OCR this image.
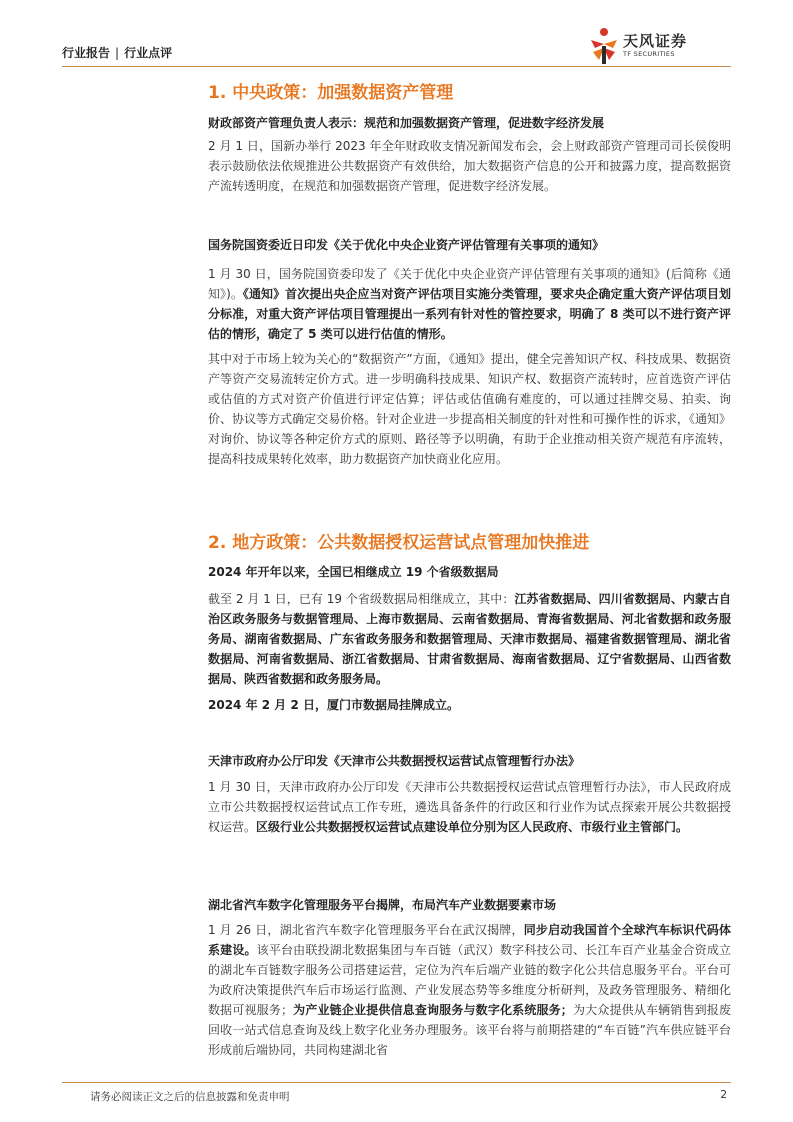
行业报告 | 行业点评
天风证券
TF SECURITIES
1. 中央政策：加强数据资产管理
财政部资产管理负责人表示：规范和加强数据资产管理，促进数字经济发展
2 月 1 日，国新办举行 2023 年全年财政收支情况新闻发布会，会上财政部资产管理司司长侯俊明表示鼓励依法依规推进公共数据资产有效供给，加大数据资产信息的公开和披露力度，提高数据资产流转透明度，在规范和加强数据资产管理，促进数字经济发展。
国务院国资委近日印发《关于优化中央企业资产评估管理有关事项的通知》
1 月 30 日，国务院国资委印发了《关于优化中央企业资产评估管理有关事项的通知》(后简称《通知》)。《通知》首次提出央企应当对资产评估项目实施分类管理，要求央企确定重大资产评估项目划分标准，对重大资产评估项目管理提出一系列有针对性的管控要求，明确了 8 类可以不进行资产评估的情形，确定了 5 类可以进行估值的情形。
其中对于市场上较为关心的“数据资产”方面，《通知》提出，健全完善知识产权、科技成果、数据资产等资产交易流转定价方式。进一步明确科技成果、知识产权、数据资产流转时，应首选资产评估或估值的方式对资产价值进行评定估算；评估或估值确有难度的，可以通过挂牌交易、拍卖、询价、协议等方式确定交易价格。针对企业进一步提高相关制度的针对性和可操作性的诉求，《通知》对询价、协议等各种定价方式的原则、路径等予以明确，有助于企业推动相关资产规范有序流转，提高科技成果转化效率，助力数据资产加快商业化应用。
2. 地方政策：公共数据授权运营试点管理加快推进
2024 年开年以来，全国已相继成立 19 个省级数据局
截至 2 月 1 日，已有 19 个省级数据局相继成立，其中：江苏省数据局、四川省数据局、内蒙古自治区政务服务与数据管理局、上海市数据局、云南省数据局、青海省数据局、河北省数据和政务服务局、湖南省数据局、广东省政务服务和数据管理局、天津市数据局、福建省数据管理局、湖北省数据局、河南省数据局、浙江省数据局、甘肃省数据局、海南省数据局、辽宁省数据局、山西省数据局、陕西省数据和政务服务局。
2024 年 2 月 2 日，厦门市数据局挂牌成立。
天津市政府办公厅印发《天津市公共数据授权运营试点管理暂行办法》
1 月 30 日，天津市政府办公厅印发《天津市公共数据授权运营试点管理暂行办法》，市人民政府成立市公共数据授权运营试点工作专班，遴选具备条件的行政区和行业作为试点探索开展公共数据授权运营。区级行业公共数据授权运营试点建设单位分别为区人民政府、市级行业主管部门。
湖北省汽车数字化管理服务平台揭牌，布局汽车产业数据要素市场
1 月 26 日，湖北省汽车数字化管理服务平台在武汉揭牌，同步启动我国首个全球汽车标识代码体系建设。该平台由联投湖北数据集团与车百链（武汉）数字科技公司、长江车百产业基金合资成立的湖北车百链数字服务公司搭建运营，定位为汽车后端产业链的数字化公共信息服务平台。平台可为政府决策提供汽车后市场运行监测、产业发展态势等多维度分析研判，及政务管理服务、精细化数据可视服务；为产业链企业提供信息查询服务与数字化系统服务；为大众提供从车辆销售到报废回收一站式信息查询及线上数字化业务办理服务。该平台将与前期搭建的“车百链”汽车供应链平台形成前后端协同，共同构建湖北省
请务必阅读正文之后的信息披露和免责申明	2
